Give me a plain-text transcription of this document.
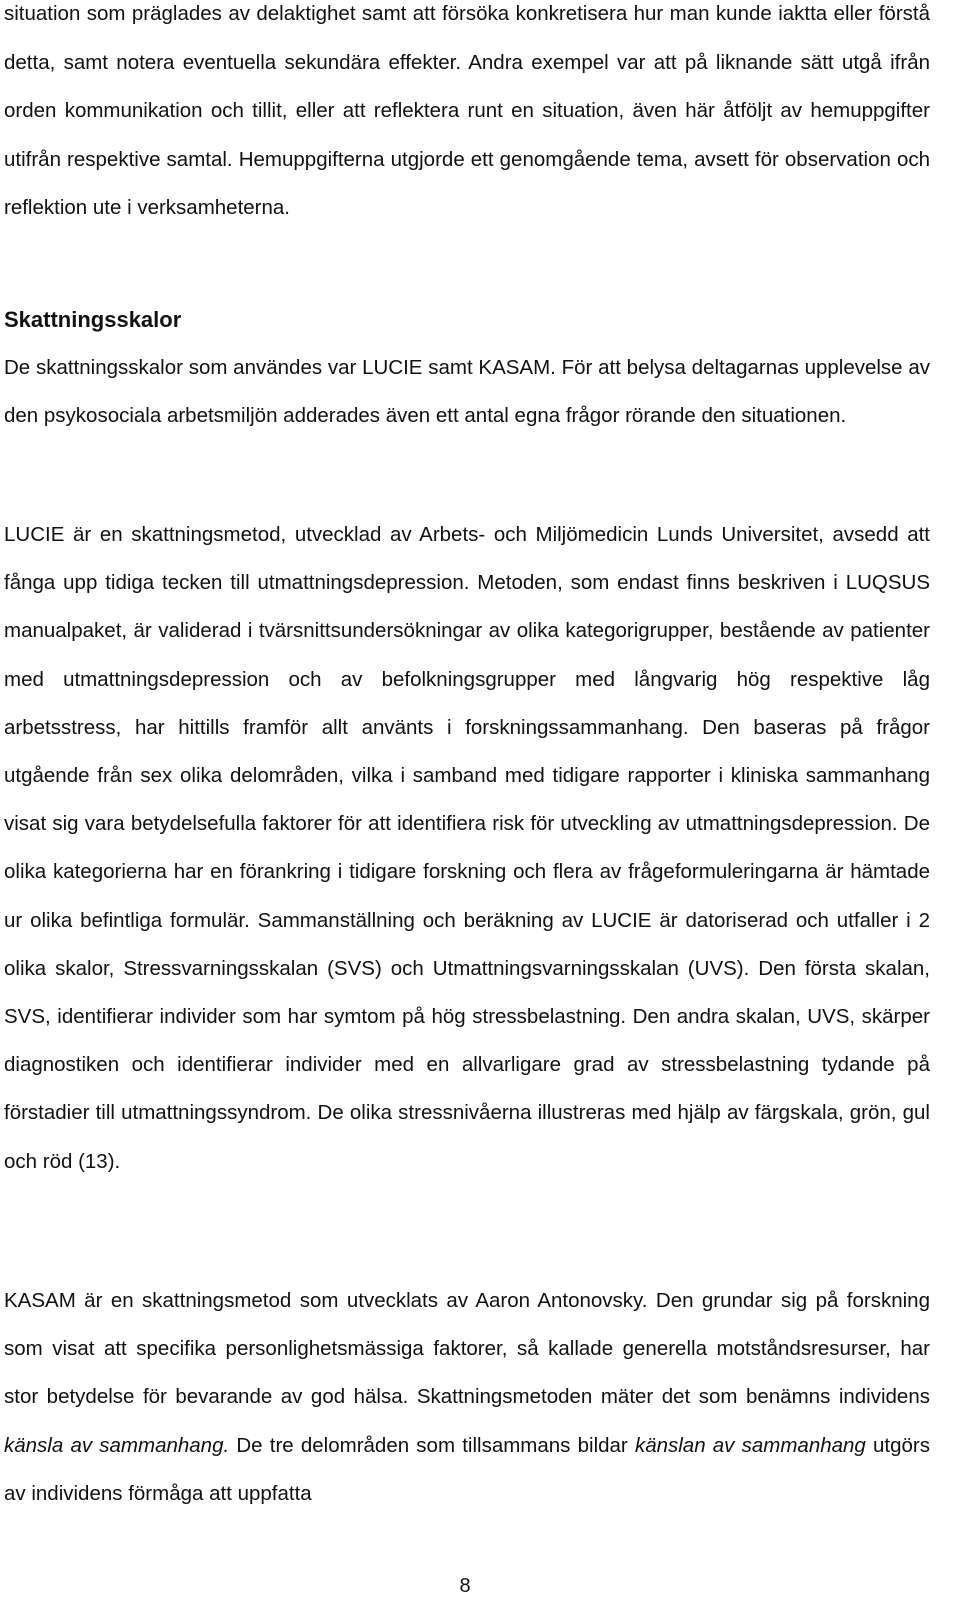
situation som präglades av delaktighet samt att försöka konkretisera hur man kunde iaktta eller förstå detta, samt notera eventuella sekundära effekter. Andra exempel var att på liknande sätt utgå ifrån orden kommunikation och tillit, eller att reflektera runt en situation, även här åtföljt av hemuppgifter utifrån respektive samtal. Hemuppgifterna utgjorde ett genomgående tema, avsett för observation och reflektion ute i verksamheterna.

Skattningsskalor

De skattningsskalor som användes var LUCIE samt KASAM. För att belysa deltagarnas upplevelse av den psykosociala arbetsmiljön adderades även ett antal egna frågor rörande den situationen.

LUCIE är en skattningsmetod, utvecklad av Arbets- och Miljömedicin Lunds Universitet, avsedd att fånga upp tidiga tecken till utmattningsdepression. Metoden, som endast finns beskriven i LUQSUS manualpaket, är validerad i tvärsnittsundersökningar av olika kategorigrupper, bestående av patienter med utmattningsdepression och av befolkningsgrupper med långvarig hög respektive låg arbetsstress, har hittills framför allt använts i forskningssammanhang. Den baseras på frågor utgående från sex olika delområden, vilka i samband med tidigare rapporter i kliniska sammanhang visat sig vara betydelsefulla faktorer för att identifiera risk för utveckling av utmattningsdepression. De olika kategorierna har en förankring i tidigare forskning och flera av frågeformuleringarna är hämtade ur olika befintliga formulär. Sammanställning och beräkning av LUCIE är datoriserad och utfaller i 2 olika skalor, Stressvarningsskalan (SVS) och Utmattningsvarningsskalan (UVS). Den första skalan, SVS, identifierar individer som har symtom på hög stressbelastning. Den andra skalan, UVS, skärper diagnostiken och identifierar individer med en allvarligare grad av stressbelastning tydande på förstadier till utmattningssyndrom. De olika stressnivåerna illustreras med hjälp av färgskala, grön, gul och röd (13).

KASAM är en skattningsmetod som utvecklats av Aaron Antonovsky. Den grundar sig på forskning som visat att specifika personlighetsmässiga faktorer, så kallade generella motståndsresurser, har stor betydelse för bevarande av god hälsa. Skattningsmetoden mäter det som benämns individens känsla av sammanhang. De tre delområden som tillsammans bildar känslan av sammanhang utgörs av individens förmåga att uppfatta

8
